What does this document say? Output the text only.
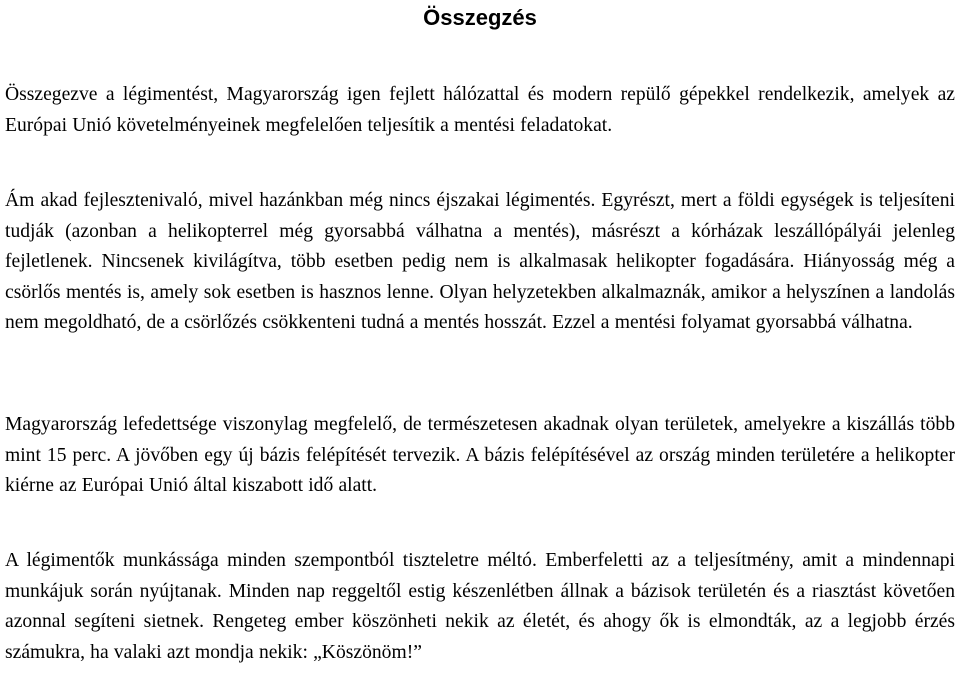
Összegzés

Összegezve a légimentést, Magyarország igen fejlett hálózattal és modern repülő gépekkel rendelkezik, amelyek az Európai Unió követelményeinek megfelelően teljesítik a mentési feladatokat.

Ám akad fejlesztenivaló, mivel hazánkban még nincs éjszakai légimentés. Egyrészt, mert a földi egységek is teljesíteni tudják (azonban a helikopterrel még gyorsabbá válhatna a mentés), másrészt a kórházak leszállópályái jelenleg fejletlenek. Nincsenek kivilágítva, több esetben pedig nem is alkalmasak helikopter fogadására. Hiányosság még a csörlős mentés is, amely sok esetben is hasznos lenne. Olyan helyzetekben alkalmaznák, amikor a helyszínen a landolás nem megoldható, de a csörlőzés csökkenteni tudná a mentés hosszát. Ezzel a mentési folyamat gyorsabbá válhatna.

Magyarország lefedettsége viszonylag megfelelő, de természetesen akadnak olyan területek, amelyekre a kiszállás több mint 15 perc. A jövőben egy új bázis felépítését tervezik. A bázis felépítésével az ország minden területére a helikopter kiérne az Európai Unió által kiszabott idő alatt.

A légimentők munkássága minden szempontból tiszteletre méltó. Emberfeletti az a teljesítmény, amit a mindennapi munkájuk során nyújtanak. Minden nap reggeltől estig készenlétben állnak a bázisok területén és a riasztást követően azonnal segíteni sietnek. Rengeteg ember köszönheti nekik az életét, és ahogy ők is elmondták, az a legjobb érzés számukra, ha valaki azt mondja nekik: „Köszönöm!”
